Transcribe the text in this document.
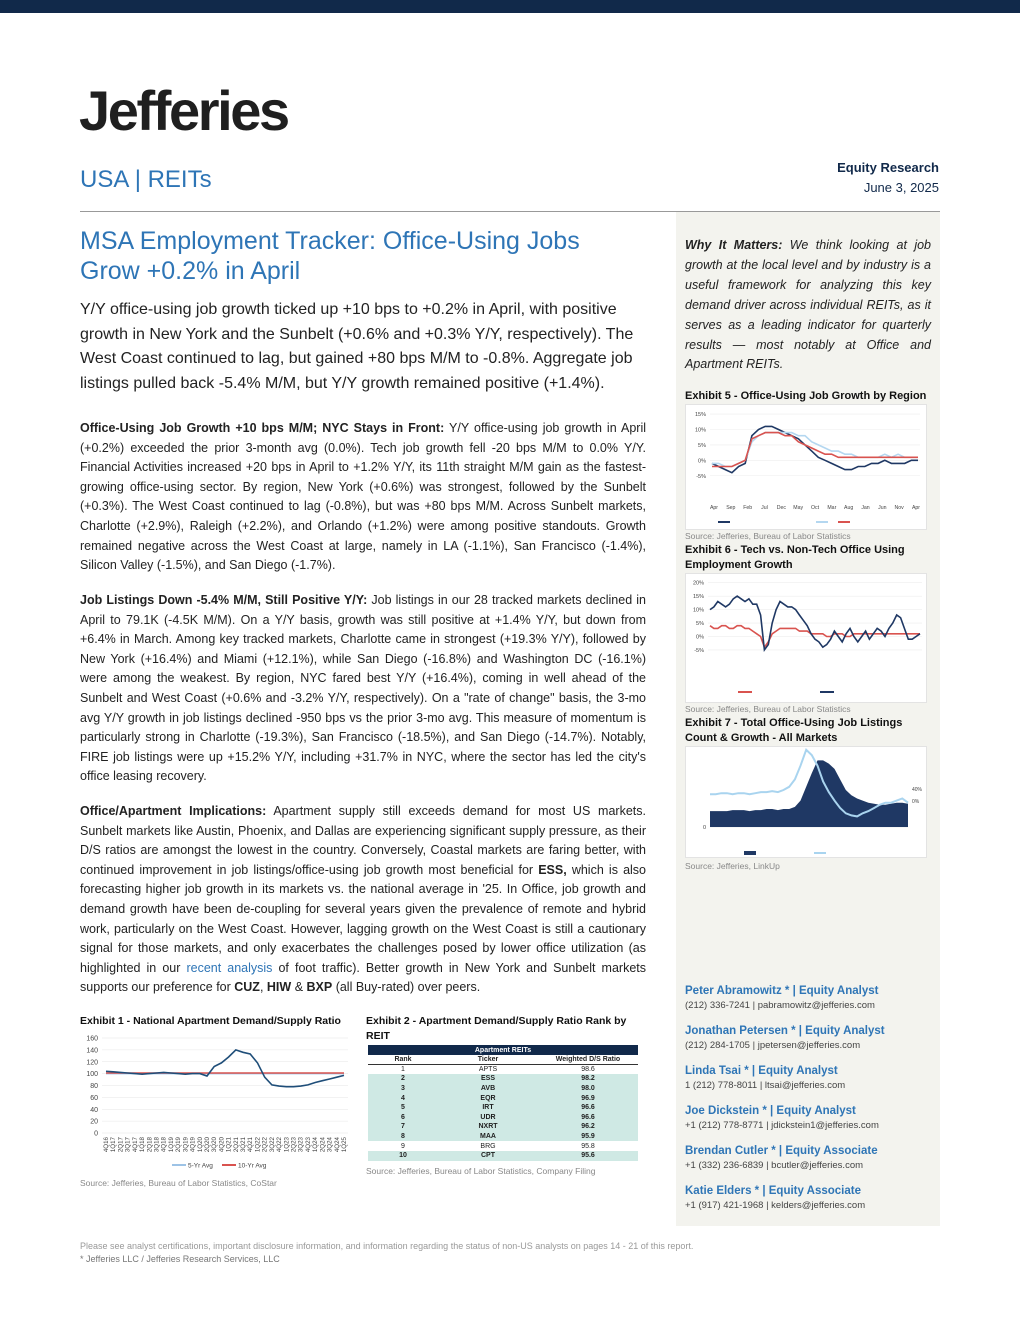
Jefferies
USA | REITs	Equity Research
June 3, 2025
MSA Employment Tracker: Office-Using Jobs
Grow +0.2% in April
Y/Y office-using job growth ticked up +10 bps to +0.2% in April, with positive growth in New York and the Sunbelt (+0.6% and +0.3% Y/Y, respectively). The West Coast continued to lag, but gained +80 bps M/M to -0.8%. Aggregate job listings pulled back -5.4% M/M, but Y/Y growth remained positive (+1.4%).
Office-Using Job Growth +10 bps M/M; NYC Stays in Front: Y/Y office-using job growth in April (+0.2%) exceeded the prior 3-month avg (0.0%). Tech job growth fell -20 bps M/M to 0.0% Y/Y. Financial Activities increased +20 bps in April to +1.2% Y/Y, its 11th straight M/M gain as the fastest-growing office-using sector. By region, New York (+0.6%) was strongest, followed by the Sunbelt (+0.3%). The West Coast continued to lag (-0.8%), but was +80 bps M/M. Across Sunbelt markets, Charlotte (+2.9%), Raleigh (+2.2%), and Orlando (+1.2%) were among positive standouts. Growth remained negative across the West Coast at large, namely in LA (-1.1%), San Francisco (-1.4%), Silicon Valley (-1.5%), and San Diego (-1.7%).
Job Listings Down -5.4% M/M, Still Positive Y/Y: Job listings in our 28 tracked markets declined in April to 79.1K (-4.5K M/M). On a Y/Y basis, growth was still positive at +1.4% Y/Y, but down from +6.4% in March. Among key tracked markets, Charlotte came in strongest (+19.3% Y/Y), followed by New York (+16.4%) and Miami (+12.1%), while San Diego (-16.8%) and Washington DC (-16.1%) were among the weakest. By region, NYC fared best Y/Y (+16.4%), coming in well ahead of the Sunbelt and West Coast (+0.6% and -3.2% Y/Y, respectively). On a "rate of change" basis, the 3-mo avg Y/Y growth in job listings declined -950 bps vs the prior 3-mo avg. This measure of momentum is particularly strong in Charlotte (-19.3%), San Francisco (-18.5%), and San Diego (-14.7%). Notably, FIRE job listings were up +15.2% Y/Y, including +31.7% in NYC, where the sector has led the city's office leasing recovery.
Office/Apartment Implications: Apartment supply still exceeds demand for most US markets. Sunbelt markets like Austin, Phoenix, and Dallas are experiencing significant supply pressure, as their D/S ratios are amongst the lowest in the country. Conversely, Coastal markets are faring better, with continued improvement in job listings/office-using job growth most beneficial for ESS, which is also forecasting higher job growth in its markets vs. the national average in '25. In Office, job growth and demand growth have been de-coupling for several years given the prevalence of remote and hybrid work, particularly on the West Coast. However, lagging growth on the West Coast is still a cautionary signal for those markets, and only exacerbates the challenges posed by lower office utilization (as highlighted in our recent analysis of foot traffic). Better growth in New York and Sunbelt markets supports our preference for CUZ, HIW & BXP (all Buy-rated) over peers.
Exhibit 1 - National Apartment Demand/Supply Ratio
0
20
40
60
80
100
120
140
160
4Q16 1Q17 2Q17 3Q17 4Q17 1Q18 2Q18 3Q18 4Q18 1Q19 2Q19 3Q19 4Q19 1Q20 2Q20 3Q20 4Q20 1Q21 2Q21 3Q21 4Q21 1Q22 2Q22 3Q22 4Q22 1Q23 2Q23 3Q23 4Q23 1Q24 2Q24 3Q24 4Q24 1Q25
5-Yr Avg	10-Yr Avg
Source: Jefferies, Bureau of Labor Statistics, CoStar
Exhibit 2 - Apartment Demand/Supply Ratio Rank by
REIT
Apartment REITs		
Rank	Ticker	Weighted D/S Ratio
1	APTS	98.6
2	ESS	98.2
3	AVB	98.0
4	EQR	96.9
5	IRT	96.6
6	UDR	96.6
7	NXRT	96.2
8	MAA	95.9
9	BRG	95.8
10	CPT	95.6
Source: Jefferies, Bureau of Labor Statistics, Company Filing
Why It Matters: We think looking at job growth at the local level and by industry is a useful framework for analyzing this key demand driver across individual REITs, as it serves as a leading indicator for quarterly results — most notably at Office and Apartment REITs.
Exhibit 5 - Office-Using Job Growth by Region
15%
10%
5%
0%
-5%
Apr Sep Feb Jul Dec May Oct Mar Aug Jan Jun Nov Apr
Source: Jefferies, Bureau of Labor Statistics
Exhibit 6 - Tech vs. Non-Tech Office Using
Employment Growth
20%
15%
10%
5%
0%
-5%
Source: Jefferies, Bureau of Labor Statistics
Exhibit 7 - Total Office-Using Job Listings
Count & Growth - All Markets
0
40%
0%
Source: Jefferies, LinkUp
Peter Abramowitz * | Equity Analyst
(212) 336-7241 | pabramowitz@jefferies.com
Jonathan Petersen * | Equity Analyst
(212) 284-1705 | jpetersen@jefferies.com
Linda Tsai * | Equity Analyst
1 (212) 778-8011 | ltsai@jefferies.com
Joe Dickstein * | Equity Analyst
+1 (212) 778-8771 | jdickstein1@jefferies.com
Brendan Cutler * | Equity Associate
+1 (332) 236-6839 | bcutler@jefferies.com
Katie Elders * | Equity Associate
+1 (917) 421-1968 | kelders@jefferies.com
Please see analyst certifications, important disclosure information, and information regarding the status of non-US analysts on pages 14 - 21 of this report.
* Jefferies LLC / Jefferies Research Services, LLC
